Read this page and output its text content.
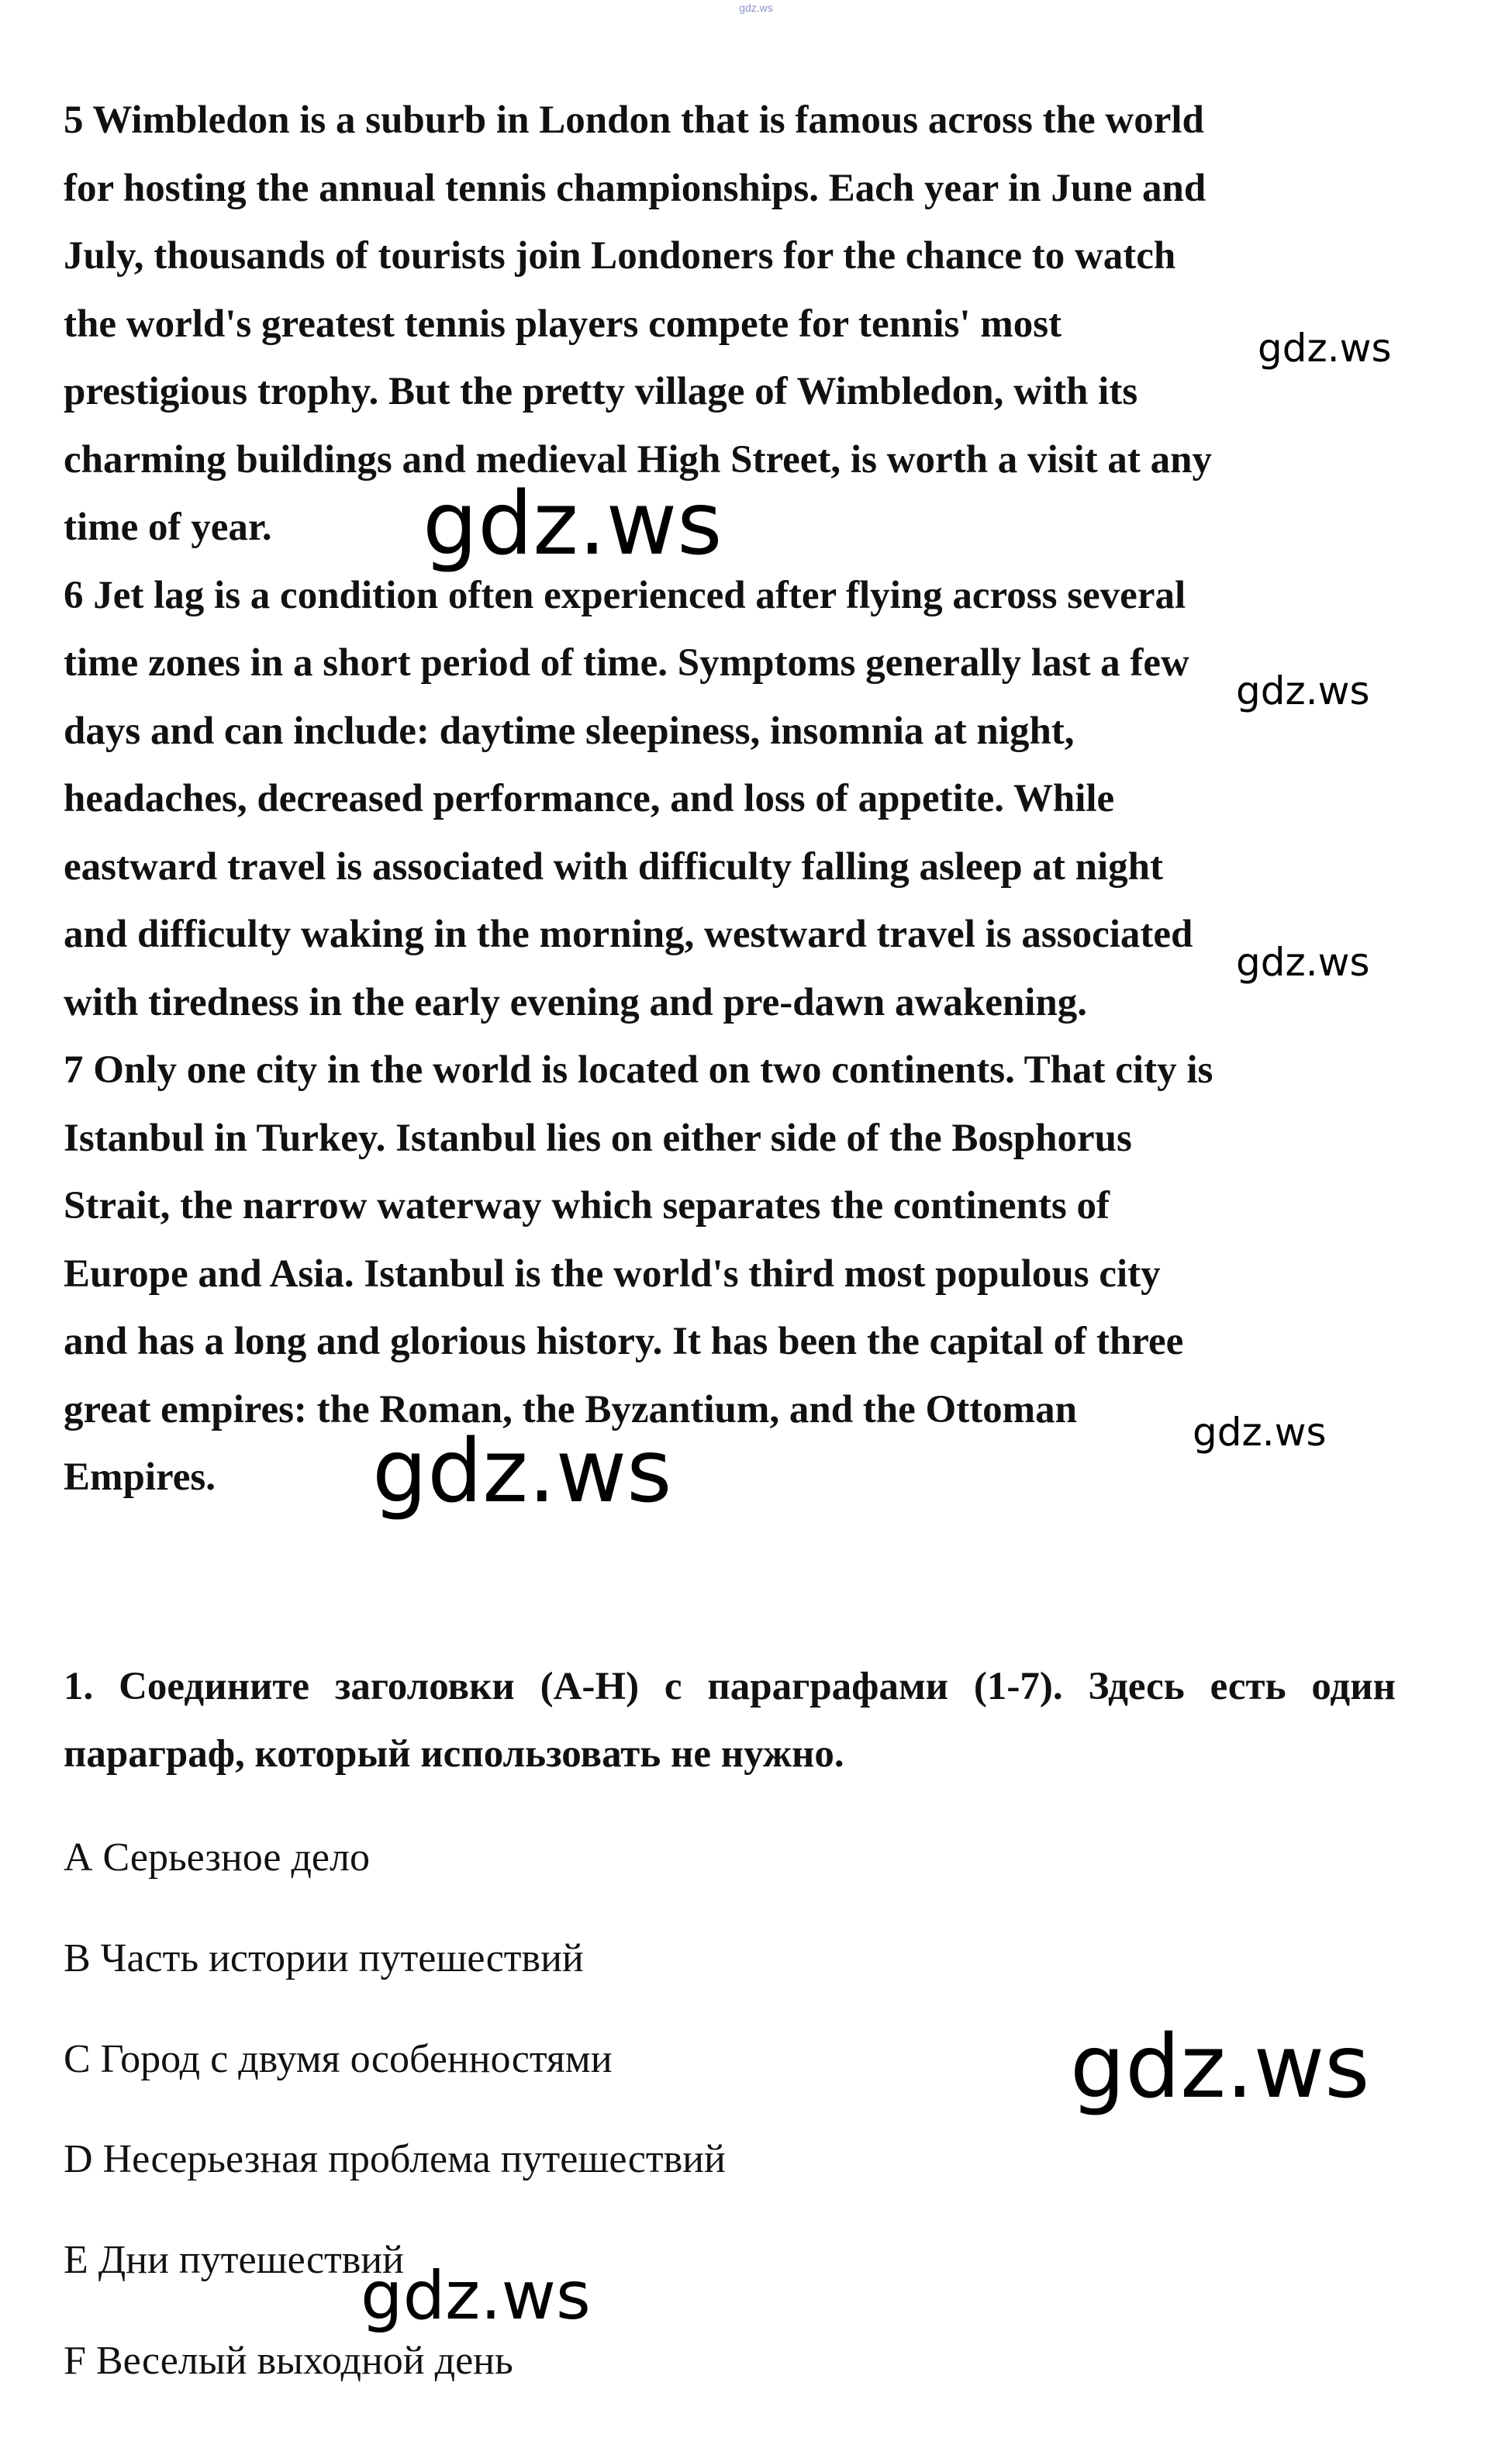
gdz.ws

5 Wimbledon is a suburb in London that is famous across the world
for hosting the annual tennis championships. Each year in June and
July, thousands of tourists join Londoners for the chance to watch
the world's greatest tennis players compete for tennis' most
prestigious trophy. But the pretty village of Wimbledon, with its
charming buildings and medieval High Street, is worth a visit at any
time of year.

6 Jet lag is a condition often experienced after flying across several
time zones in a short period of time. Symptoms generally last a few
days and can include: daytime sleepiness, insomnia at night,
headaches, decreased performance, and loss of appetite. While
eastward travel is associated with difficulty falling asleep at night
and difficulty waking in the morning, westward travel is associated
with tiredness in the early evening and pre-dawn awakening.

7 Only one city in the world is located on two continents. That city is
Istanbul in Turkey. Istanbul lies on either side of the Bosphorus
Strait, the narrow waterway which separates the continents of
Europe and Asia. Istanbul is the world's third most populous city
and has a long and glorious history. It has been the capital of three
great empires: the Roman, the Byzantium, and the Ottoman
Empires.

1. Соедините заголовки (А-H) с параграфами (1-7). Здесь есть один параграф, который использовать не нужно.

А Серьезное дело
B Часть истории путешествий
С Город с двумя особенностями
D Несерьезная проблема путешествий
E Дни путешествий
F Веселый выходной день
gdz.ws
gdz.ws
gdz.ws
gdz.ws
gdz.ws
gdz.ws
gdz.ws
gdz.ws
